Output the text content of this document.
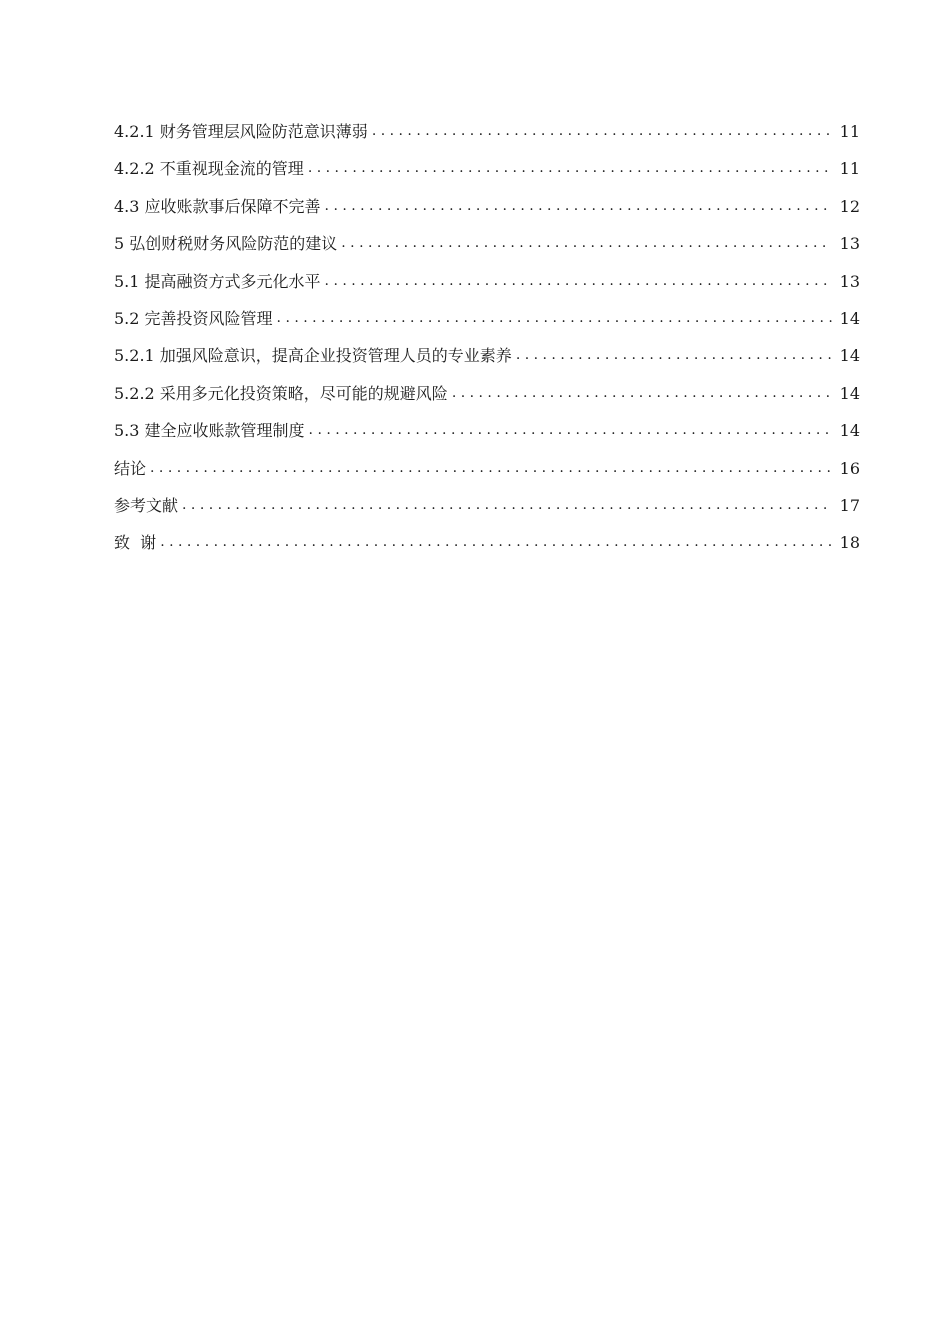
4.2.1 财务管理层风险防范意识薄弱 . . .	11
4.2.2 不重视现金流的管理 . . .	11
4.3 应收账款事后保障不完善 . . .	12
5 弘创财税财务风险防范的建议 . . .	13
5.1 提高融资方式多元化水平 . . .	13
5.2 完善投资风险管理 . . .	14
5.2.1 加强风险意识，提高企业投资管理人员的专业素养 . . .	14
5.2.2 采用多元化投资策略，尽可能的规避风险 . . .	14
5.3 建全应收账款管理制度 . . .	14
结论 . . .	16
参考文献 . . .	17
致  谢 . . .	18
